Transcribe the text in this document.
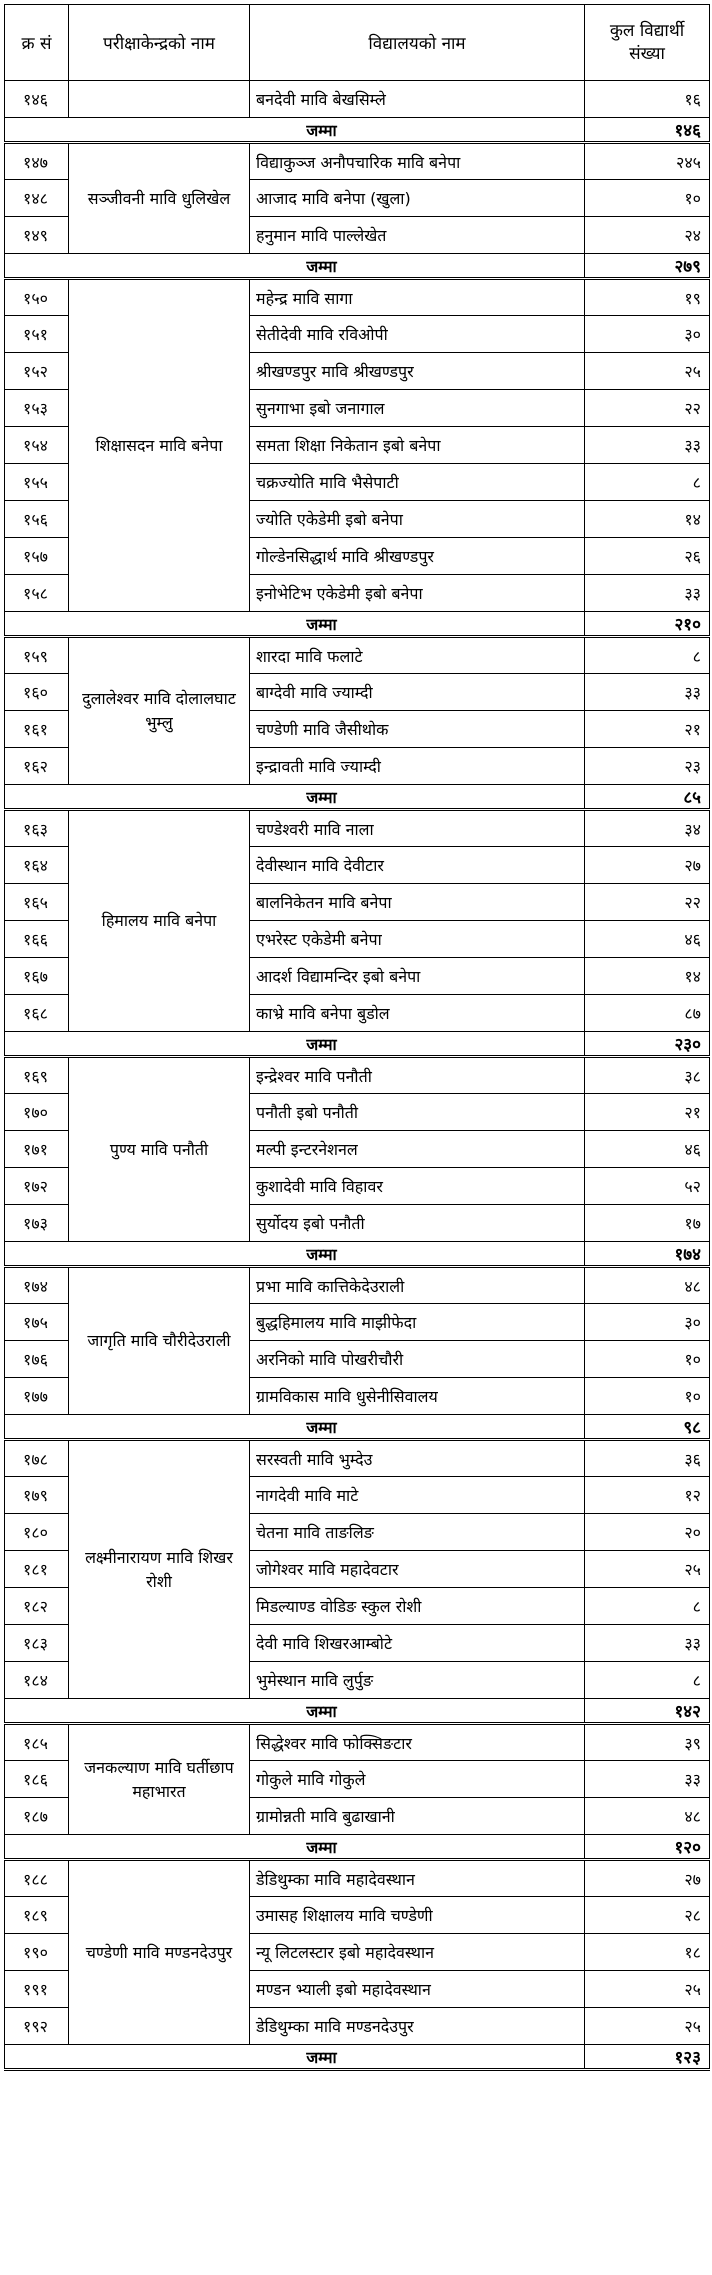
क्र सं	परीक्षाकेन्द्रको नाम	विद्यालयको नाम	कुल विद्यार्थी संख्या
१४६		बनदेवी मावि बेखसिम्ले	१६
जम्मा			१४६
१४७	सञ्जीवनी मावि धुलिखेल	विद्याकुञ्ज अनौपचारिक मावि बनेपा	२४५
१४८		आजाद मावि बनेपा (खुला)	१०
१४९		हनुमान मावि पाल्लेखेत	२४
जम्मा			२७९
१५०	शिक्षासदन मावि बनेपा	महेन्द्र मावि सागा	१९
१५१		सेतीदेवी मावि रविओपी	३०
१५२		श्रीखण्डपुर मावि श्रीखण्डपुर	२५
१५३		सुनगाभा इबो जनागाल	२२
१५४		समता शिक्षा निकेतान इबो बनेपा	३३
१५५		चक्रज्योति मावि भैसेपाटी	८
१५६		ज्योति एकेडेमी इबो बनेपा	१४
१५७		गोल्डेनसिद्धार्थ मावि श्रीखण्डपुर	२६
१५८		इनोभेटिभ एकेडेमी इबो बनेपा	३३
जम्मा			२१०
१५९	दुलालेश्वर मावि दोलालघाट भुम्लु	शारदा मावि फलाटे	८
१६०		बाग्देवी मावि ज्याम्दी	३३
१६१		चण्डेणी मावि जैसीथोक	२१
१६२		इन्द्रावती मावि ज्याम्दी	२३
जम्मा			८५
१६३	हिमालय मावि बनेपा	चण्डेश्वरी मावि नाला	३४
१६४		देवीस्थान मावि देवीटार	२७
१६५		बालनिकेतन मावि बनेपा	२२
१६६		एभरेस्ट एकेडेमी बनेपा	४६
१६७		आदर्श विद्यामन्दिर इबो बनेपा	१४
१६८		काभ्रे मावि बनेपा बुडोल	८७
जम्मा			२३०
१६९	पुण्य मावि पनौती	इन्द्रेश्वर मावि पनौती	३८
१७०		पनौती इबो पनौती	२१
१७१		मल्पी इन्टरनेशनल	४६
१७२		कुशादेवी मावि विहावर	५२
१७३		सुर्योदय इबो पनौती	१७
जम्मा			१७४
१७४	जागृति मावि चौरीदेउराली	प्रभा मावि कात्तिकेदेउराली	४८
१७५		बुद्धहिमालय मावि माझीफेदा	३०
१७६		अरनिको मावि पोखरीचौरी	१०
१७७		ग्रामविकास मावि धुसेनीसिवालय	१०
जम्मा			९८
१७८	लक्ष्मीनारायण मावि शिखर रोशी	सरस्वती मावि भुम्देउ	३६
१७९		नागदेवी मावि माटे	१२
१८०		चेतना मावि ताङलिङ	२०
१८१		जोगेश्वर मावि महादेवटार	२५
१८२		मिडल्याण्ड वोडिङ स्कुल रोशी	८
१८३		देवी मावि शिखरआम्बोटे	३३
१८४		भुमेस्थान मावि लुर्पुङ	८
जम्मा			१४२
१८५	जनकल्याण मावि घर्तीछाप महाभारत	सिद्धेश्वर मावि फोक्सिङटार	३९
१८६		गोकुले मावि गोकुले	३३
१८७		ग्रामोन्नती मावि बुढाखानी	४८
जम्मा			१२०
१८८	चण्डेणी मावि मण्डनदेउपुर	डेडिथुम्का मावि महादेवस्थान	२७
१८९		उमासह शिक्षालय मावि चण्डेणी	२८
१९०		न्यू लिटलस्टार इबो महादेवस्थान	१८
१९१		मण्डन भ्याली इबो महादेवस्थान	२५
१९२		डेडिथुम्का मावि मण्डनदेउपुर	२५
जम्मा			१२३
